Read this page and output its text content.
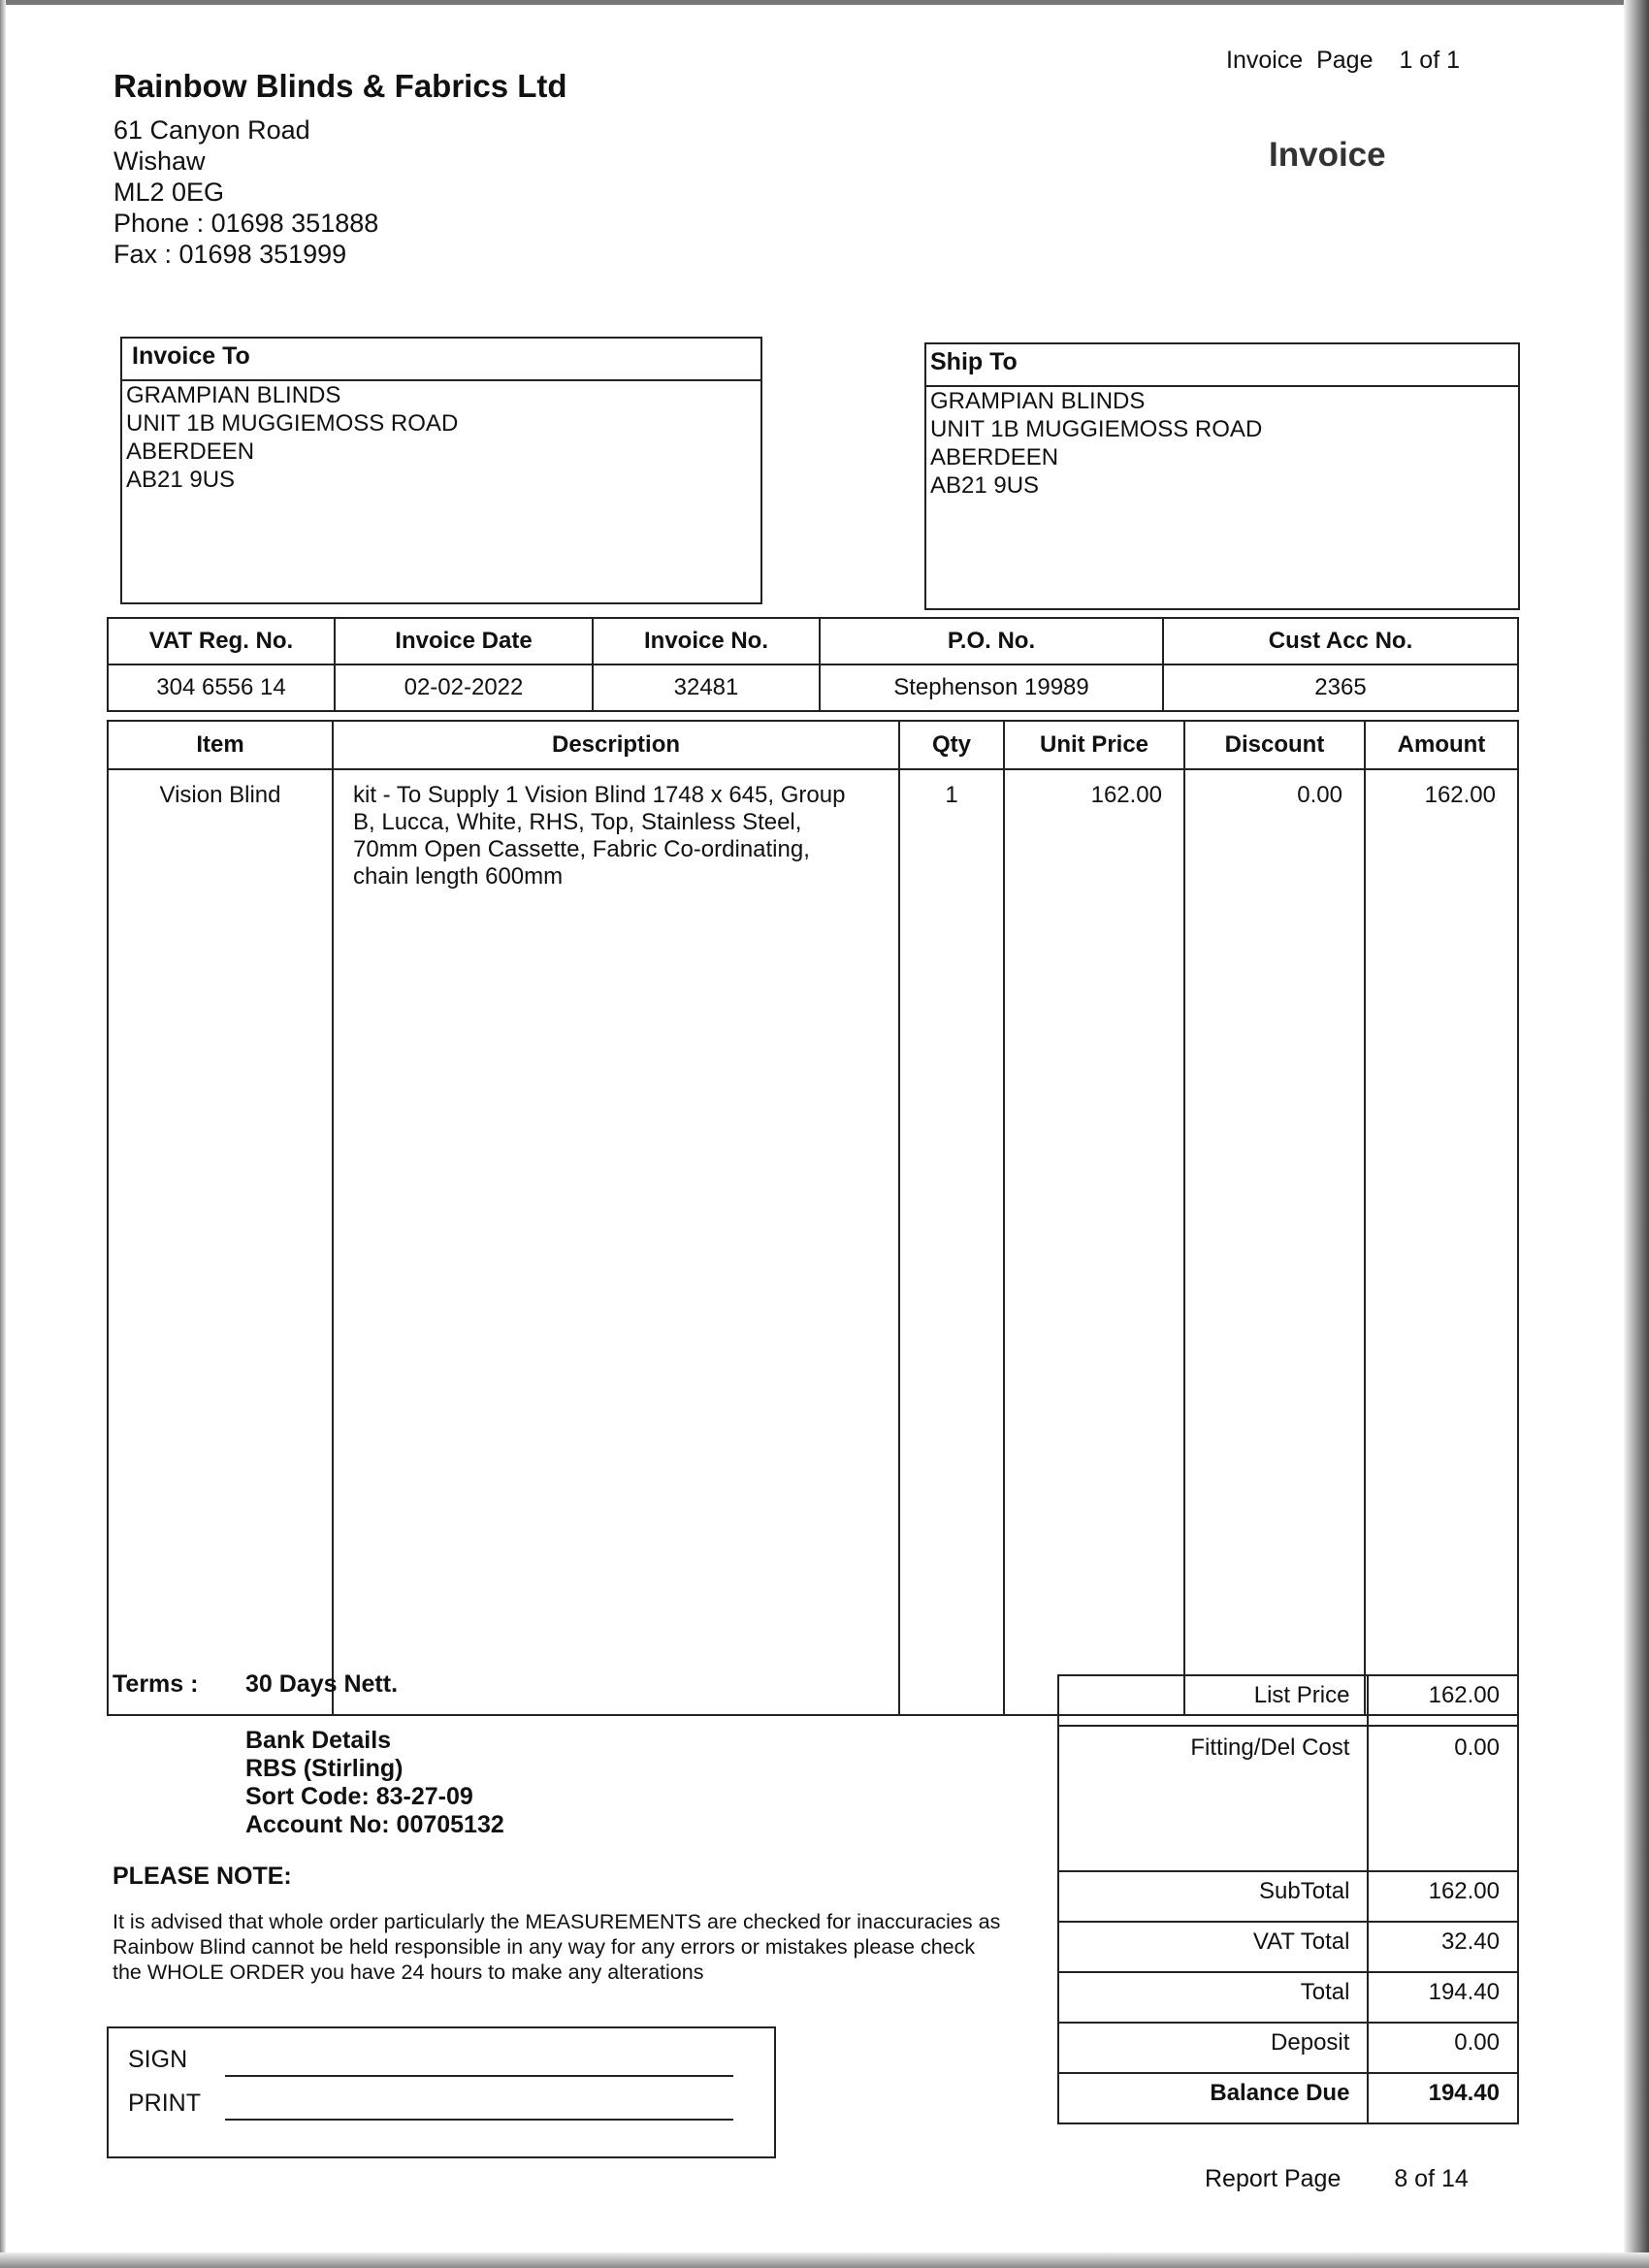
Rainbow Blinds & Fabrics Ltd
61 Canyon Road
Wishaw
ML2 0EG
Phone : 01698 351888
Fax : 01698 351999
Invoice  Page 1 of 1
Invoice
Invoice To
GRAMPIAN BLINDS
UNIT 1B MUGGIEMOSS ROAD
ABERDEEN
AB21 9US
Ship To
GRAMPIAN BLINDS
UNIT 1B MUGGIEMOSS ROAD
ABERDEEN
AB21 9US
VAT Reg. No.	Invoice Date	Invoice No.	P.O. No.	Cust Acc No.
304 6556 14	02-02-2022	32481	Stephenson 19989	2365
Item	Description	Qty	Unit Price	Discount	Amount
Vision Blind	kit - To Supply 1 Vision Blind 1748 x 645, Group B, Lucca, White, RHS, Top, Stainless Steel, 70mm Open Cassette, Fabric Co-ordinating, chain length 600mm	1	162.00	0.00	162.00
Terms : 30 Days Nett.
Bank Details
RBS (Stirling)
Sort Code: 83-27-09
Account No: 00705132
PLEASE NOTE:
It is advised that whole order particularly the MEASUREMENTS are checked for inaccuracies as Rainbow Blind cannot be held responsible in any way for any errors or mistakes please check the WHOLE ORDER you have 24 hours to make any alterations
SIGN
PRINT
List Price	162.00
Fitting/Del Cost	0.00
SubTotal	162.00
VAT Total	32.40
Total	194.40
Deposit	0.00
Balance Due	194.40
Report Page 8 of 14
